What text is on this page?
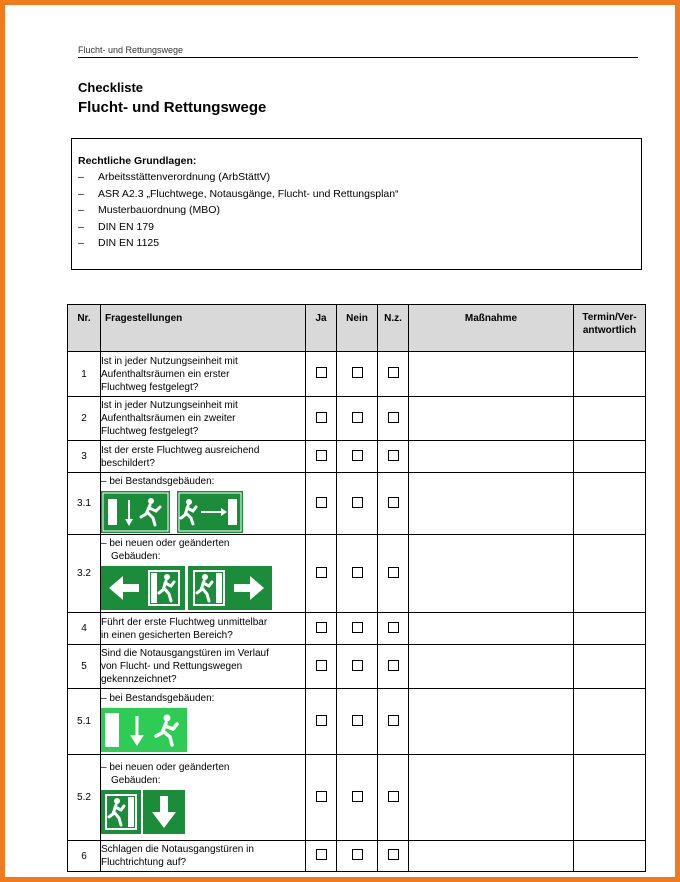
Flucht- und Rettungswege
Checkliste
Flucht- und Rettungswege
Rechtliche Grundlagen:
–	Arbeitsstättenverordnung (ArbStättV)
–	ASR A2.3 „Fluchtwege, Notausgänge, Flucht- und Rettungsplan“
–	Musterbauordnung (MBO)
–	DIN EN 179
–	DIN EN 1125
Nr.	Fragestellungen	Ja	Nein	N.z.	Maßnahme	Termin/Ver-antwortlich
1	Ist in jeder Nutzungseinheit mit
Aufenthaltsräumen ein erster
Fluchtweg festgelegt?					

2	Ist in jeder Nutzungseinheit mit
Aufenthaltsräumen ein zweiter
Fluchtweg festgelegt?					

3	Ist der erste Fluchtweg ausreichend
beschildert?					

3.1	– bei Bestandsgebäuden:					

3.2	– bei neuen oder geänderten
Gebäuden:					

4	Führt der erste Fluchtweg unmittelbar
in einen gesicherten Bereich?					

5	Sind die Notausgangstüren im Verlauf
von Flucht- und Rettungswegen
gekennzeichnet?					

5.1	– bei Bestandsgebäuden:					

5.2	– bei neuen oder geänderten
Gebäuden:					

6	Schlagen die Notausgangstüren in
Fluchtrichtung auf?					
